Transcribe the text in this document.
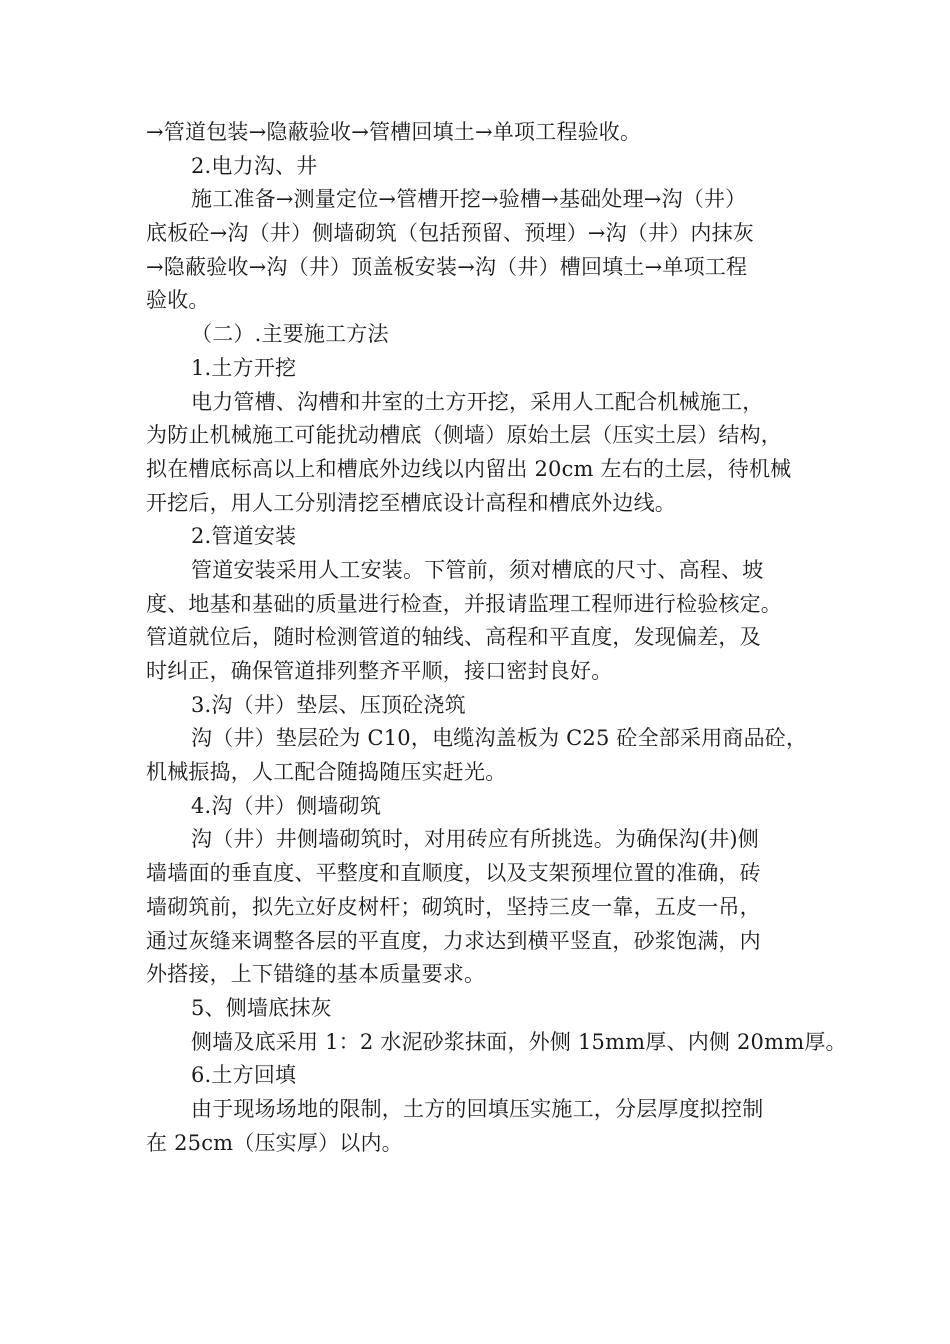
→管道包装→隐蔽验收→管槽回填土→单项工程验收。
2.电力沟、井
施工准备→测量定位→管槽开挖→验槽→基础处理→沟（井）
底板砼→沟（井）侧墙砌筑（包括预留、预埋）→沟（井）内抹灰
→隐蔽验收→沟（井）顶盖板安装→沟（井）槽回填土→单项工程
验收。
（二）.主要施工方法
1.土方开挖
电力管槽、沟槽和井室的土方开挖，采用人工配合机械施工，
为防止机械施工可能扰动槽底（侧墙）原始土层（压实土层）结构，
拟在槽底标高以上和槽底外边线以内留出 20cm 左右的土层，待机械
开挖后，用人工分别清挖至槽底设计高程和槽底外边线。
2.管道安装
管道安装采用人工安装。下管前，须对槽底的尺寸、高程、坡
度、地基和基础的质量进行检查，并报请监理工程师进行检验核定。
管道就位后，随时检测管道的轴线、高程和平直度，发现偏差，及
时纠正，确保管道排列整齐平顺，接口密封良好。
3.沟（井）垫层、压顶砼浇筑
沟（井）垫层砼为 C10，电缆沟盖板为 C25 砼全部采用商品砼，
机械振捣，人工配合随捣随压实赶光。
4.沟（井）侧墙砌筑
沟（井）井侧墙砌筑时，对用砖应有所挑选。为确保沟(井)侧
墙墙面的垂直度、平整度和直顺度，以及支架预埋位置的准确，砖
墙砌筑前，拟先立好皮树杆；砌筑时，坚持三皮一靠，五皮一吊，
通过灰缝来调整各层的平直度，力求达到横平竖直，砂浆饱满，内
外搭接，上下错缝的基本质量要求。
5、侧墙底抹灰
侧墙及底采用 1：2 水泥砂浆抹面，外侧 15mm厚、内侧 20mm厚。
6.土方回填
由于现场场地的限制，土方的回填压实施工，分层厚度拟控制
在 25cm（压实厚）以内。
